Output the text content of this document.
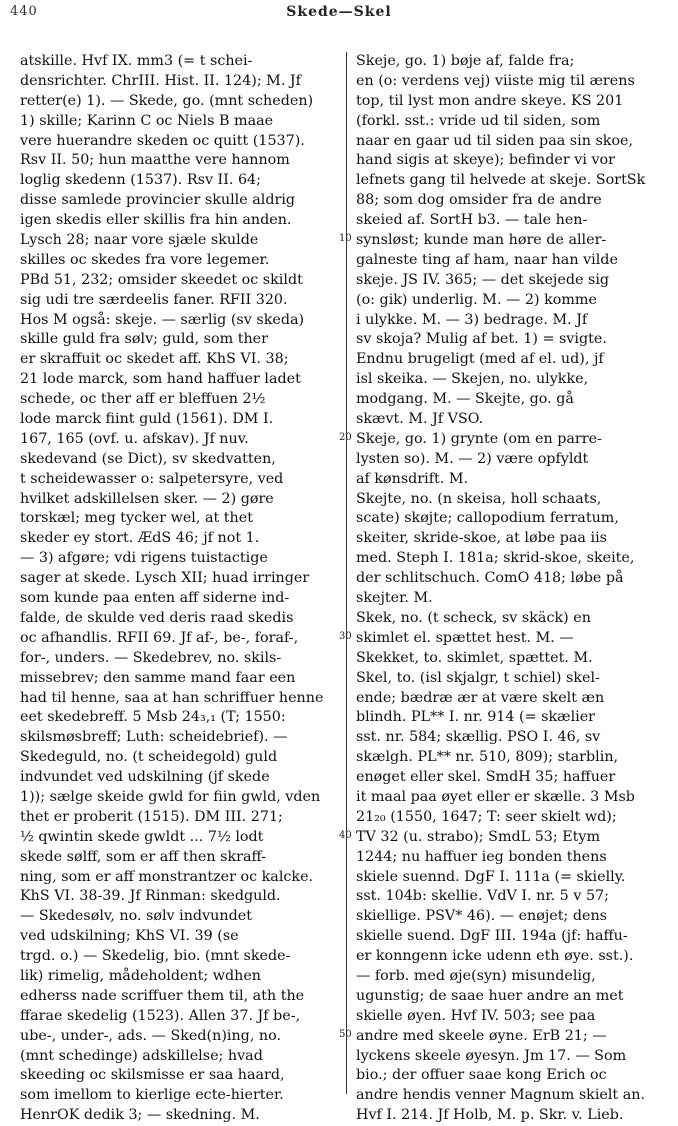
440	Skede—Skel
atskille. Hvf IX. mm3 (= t schei-
densrichter. ChrIII. Hist. II. 124); M. Jf
retter(e) 1). — Skede, go. (mnt scheden)
1) skille; Karinn C oc Niels B maae
vere huerandre skeden oc quitt (1537).
Rsv II. 50; hun maatthe vere hannom
loglig skedenn (1537). Rsv II. 64;
disse samlede provincier skulle aldrig
igen skedis eller skillis fra hin anden.
Lysch 28; naar vore sjæle skulde
skilles oc skedes fra vore legemer.
PBd 51, 232; omsider skeedet oc skildt
sig udi tre særdeelis faner. RFII 320.
Hos M også: skeje. — særlig (sv skeda)
skille guld fra sølv; guld, som ther
er skraffuit oc skedet aff. KhS VI. 38;
21 lode marck, som hand haffuer ladet
schede, oc ther aff er bleffuen 2½
lode marck fiint guld (1561). DM I.
167, 165 (ovf. u. afskav). Jf nuv.
skedevand (se Dict), sv skedvatten,
t scheidewasser o: salpetersyre, ved
hvilket adskillelsen sker. — 2) gøre
torskæl; meg tycker wel, at thet
skeder ey stort. ÆdS 46; jf not 1.
— 3) afgøre; vdi rigens tuistactige
sager at skede. Lysch XII; huad irringer
som kunde paa enten aff siderne ind-
falde, de skulde ved deris raad skedis
oc afhandlis. RFII 69. Jf af-, be-, foraf-,
for-, unders. — Skedebrev, no. skils-
missebrev; den samme mand faar een
had til henne, saa at han schriffuer henne
eet skedebreff. 5 Msb 24₃,₁ (T; 1550:
skilsmøsbreff; Luth: scheidebrief). —
Skedeguld, no. (t scheidegold) guld
indvundet ved udskilning (jf skede
1)); sælge skeide gwld for fiin gwld, vden
thet er proberit (1515). DM III. 271;
½ qwintin skede gwldt ... 7½ lodt
skede sølff, som er aff then skraff-
ning, som er aff monstrantzer oc kalcke.
KhS VI. 38-39. Jf Rinman: skedguld.
— Skedesølv, no. sølv indvundet
ved udskilning; KhS VI. 39 (se
trgd. o.) — Skedelig, bio. (mnt skede-
lik) rimelig, mådeholdent; wdhen
edherss nade scriffuer them til, ath the
ffarae skedelig (1523). Allen 37. Jf be-,
ube-, under-, ads. — Sked(n)ing, no.
(mnt schedinge) adskillelse; hvad
skeeding oc skilsmisse er saa haard,
som imellom to kierlige ecte-hierter.
HenrOK dedik 3; — skedning. M.
Skeje, go. 1) bøje af, falde fra;
en (o: verdens vej) viiste mig til ærens
top, til lyst mon andre skeye. KS 201
(forkl. sst.: vride ud til siden, som
naar en gaar ud til siden paa sin skoe,
hand sigis at skeye); befinder vi vor
lefnets gang til helvede at skeje. SortSk
88; som dog omsider fra de andre
skeied af. SortH b3. — tale hen-
synsløst; kunde man høre de aller-
galneste ting af ham, naar han vilde
skeje. JS IV. 365; — det skejede sig
(o: gik) underlig. M. — 2) komme
i ulykke. M. — 3) bedrage. M. Jf
sv skoja? Mulig af bet. 1) = svigte.
Endnu brugeligt (med af el. ud), jf
isl skeika. — Skejen, no. ulykke,
modgang. M. — Skejte, go. gå
skævt. M. Jf VSO.
Skeje, go. 1) grynte (om en parre-
lysten so). M. — 2) være opfyldt
af kønsdrift. M.
Skejte, no. (n skeisa, holl schaats,
scate) skøjte; callopodium ferratum,
skeiter, skride-skoe, at løbe paa iis
med. Steph I. 181a; skrid-skoe, skeite,
der schlitschuch. ComO 418; løbe på
skejter. M.
Skek, no. (t scheck, sv skäck) en
skimlet el. spættet hest. M. —
Skekket, to. skimlet, spættet. M.
Skel, to. (isl skjalgr, t schiel) skel-
ende; bædræ ær at være skelt æn
blindh. PL** I. nr. 914 (= skælier
sst. nr. 584; skællig. PSO I. 46, sv
skælgh. PL** nr. 510, 809); starblin,
enøget eller skel. SmdH 35; haffuer
it maal paa øyet eller er skælle. 3 Msb
21₂₀ (1550, 1647; T: seer skielt wd);
TV 32 (u. strabo); SmdL 53; Etym
1244; nu haffuer ieg bonden thens
skiele suennd. DgF I. 111a (= skielly.
sst. 104b: skellie. VdV I. nr. 5 v 57;
skiellige. PSV* 46). — enøjet; dens
skielle suend. DgF III. 194a (jf: haffu-
er konngenn icke udenn eth øye. sst.).
— forb. med øje(syn) misundelig,
ugunstig; de saae huer andre an met
skielle øyen. Hvf IV. 503; see paa
andre med skeele øyne. ErB 21; —
lyckens skeele øyesyn. Jm 17. — Som
bio.; der offuer saae kong Erich oc
andre hendis venner Magnum skielt an.
Hvf I. 214. Jf Holb, M. p. Skr. v. Lieb.
10
20
30
40
50
